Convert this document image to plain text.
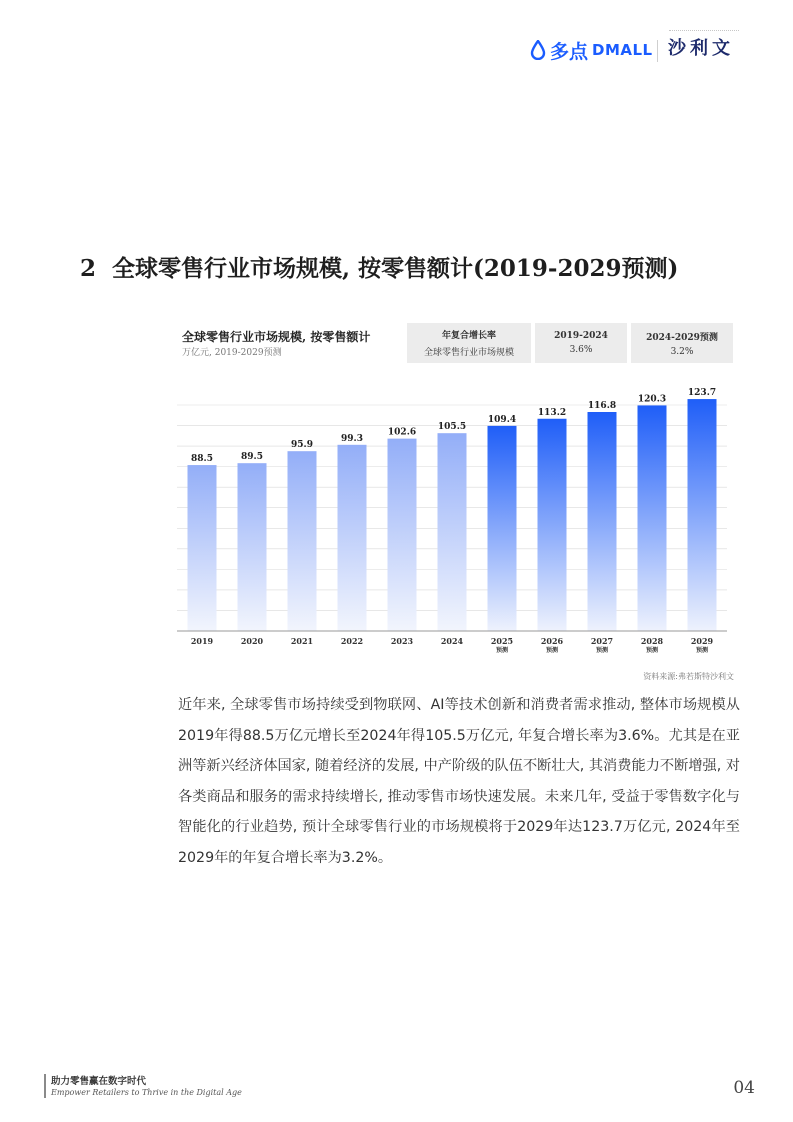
多点 DMALL 沙利文
2 全球零售行业市场规模, 按零售额计(2019-2029预测)
全球零售行业市场规模, 按零售额计
万亿元, 2019-2029预测
年复合增长率
全球零售行业市场规模
2019-2024
3.6%
2024-2029预测
3.2%
88.5	89.5
95.9
99.3
102.6
105.5
109.4
113.2
116.8
120.3
123.7
2019	2020	2021	2022	2023	2024	2025
预测
2026
预测
2027
预测
2028
预测
2029
预测
资料来源:弗若斯特沙利文

近年来, 全球零售市场持续受到物联网、AI等技术创新和消费者需求推动, 整体市场规模从2019年得88.5万亿元增长至2024年得105.5万亿元, 年复合增长率为3.6%。尤其是在亚洲等新兴经济体国家, 随着经济的发展, 中产阶级的队伍不断壮大, 其消费能力不断增强, 对各类商品和服务的需求持续增长, 推动零售市场快速发展。未来几年, 受益于零售数字化与智能化的行业趋势, 预计全球零售行业的市场规模将于2029年达123.7万亿元, 2024年至2029年的年复合增长率为3.2%。

助力零售赢在数字时代
Empower Retailers to Thrive in the Digital Age	04
